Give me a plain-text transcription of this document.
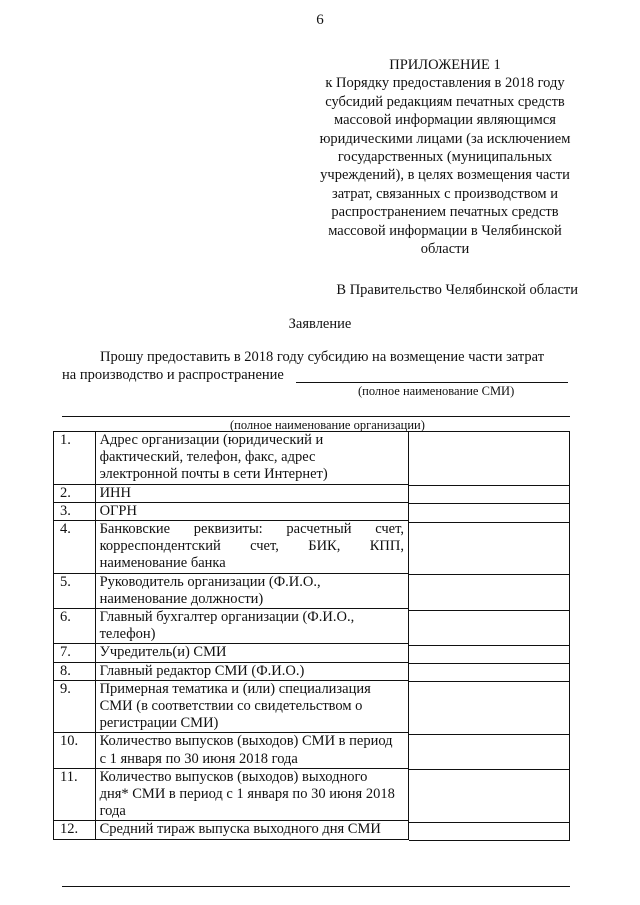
6
ПРИЛОЖЕНИЕ 1
к Порядку предоставления в 2018 году
субсидий редакциям печатных средств
массовой информации являющимся
юридическими лицами (за исключением
государственных (муниципальных
учреждений), в целях возмещения части
затрат, связанных с производством и
распространением печатных средств
массовой информации в Челябинской
области
В Правительство Челябинской области
Заявление
Прошу предоставить в 2018 году субсидию на возмещение части затрат
на производство и распространение
(полное наименование СМИ)
(полное наименование организации)
1.	Адрес организации (юридический и
фактический, телефон, факс, адрес
электронной почты в сети Интернет)

2.	ИНН

3.	ОГРН

4.	Банковские реквизиты: расчетный счет,
корреспондентский счет, БИК, КПП,
наименование банка

5.	Руководитель организации (Ф.И.О.,
наименование должности)

6.	Главный бухгалтер организации (Ф.И.О.,
телефон)

7.	Учредитель(и) СМИ

8.	Главный редактор СМИ (Ф.И.О.)

9.	Примерная тематика и (или) специализация
СМИ (в соответствии со свидетельством о
регистрации СМИ)

10.	Количество выпусков (выходов) СМИ в период
с 1 января по 30 июня 2018 года

11.	Количество выпусков (выходов) выходного
дня* СМИ в период с 1 января по 30 июня 2018
года

12.	Средний тираж выпуска выходного дня СМИ
